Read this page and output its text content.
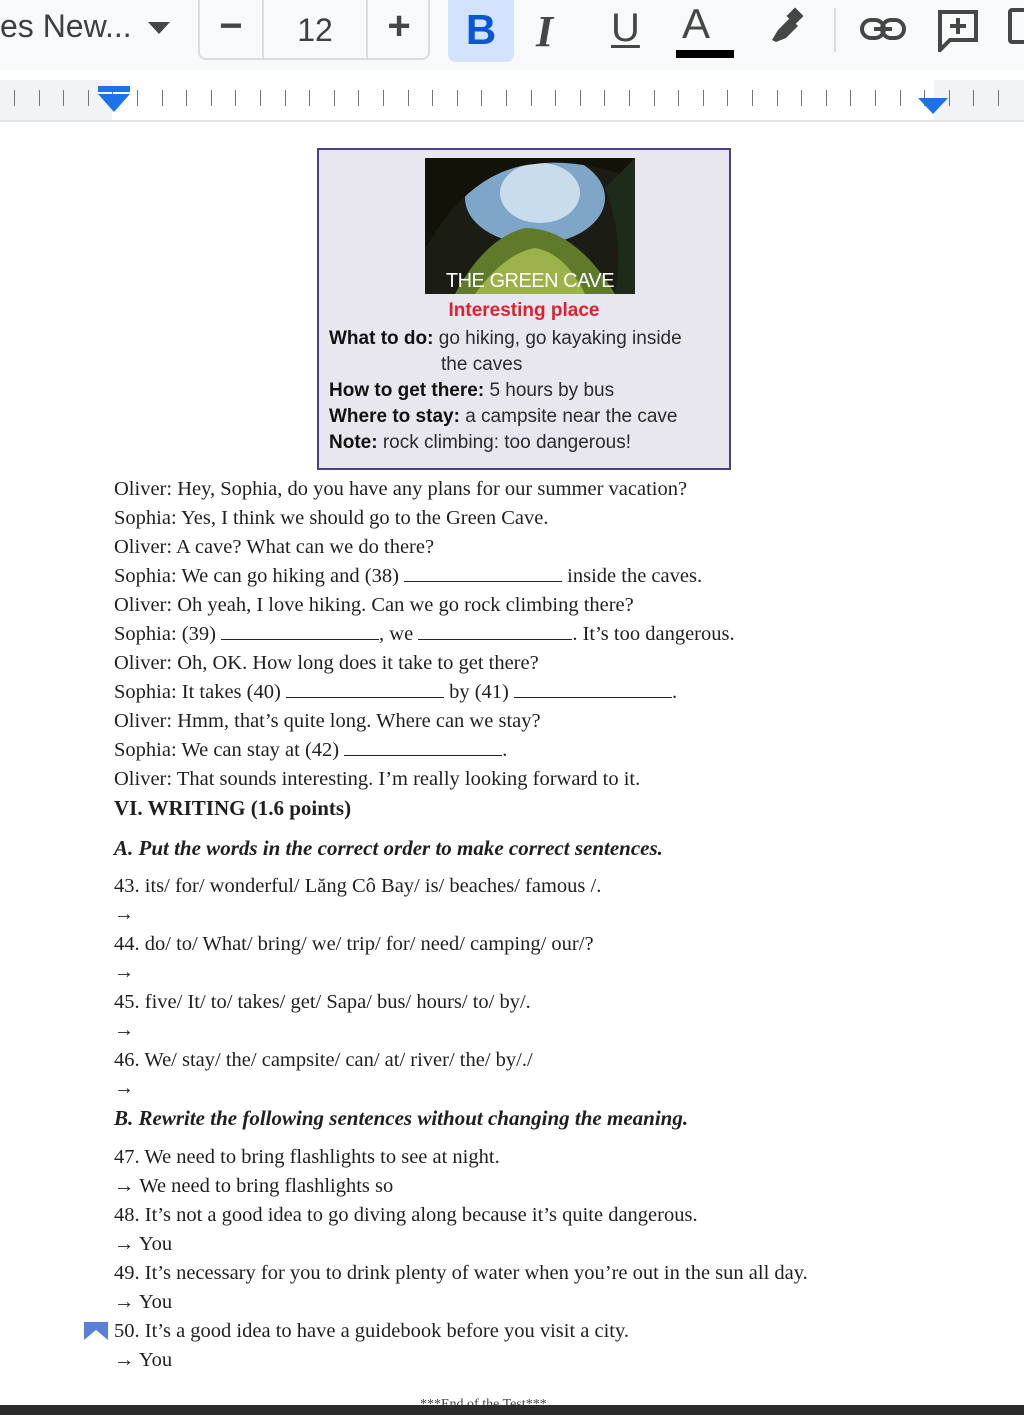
es New... −	12	+	B I U A
THE GREEN CAVE
Interesting place
What to do: go hiking, go kayaking inside
the caves
How to get there: 5 hours by bus
Where to stay: a campsite near the cave
Note: rock climbing: too dangerous!
Oliver: Hey, Sophia, do you have any plans for our summer vacation?
Sophia: Yes, I think we should go to the Green Cave.
Oliver: A cave? What can we do there?
Sophia: We can go hiking and (38)	inside the caves.
Oliver: Oh yeah, I love hiking. Can we go rock climbing there?
Sophia: (39)	, we	. It’s too dangerous.
Oliver: Oh, OK. How long does it take to get there?
Sophia: It takes (40)	by (41)	.
Oliver: Hmm, that’s quite long. Where can we stay?
Sophia: We can stay at (42)	.
Oliver: That sounds interesting. I’m really looking forward to it.
VI. WRITING (1.6 points)
A. Put the words in the correct order to make correct sentences.
43. its/ for/ wonderful/ Lăng Cô Bay/ is/ beaches/ famous /.
→
44. do/ to/ What/ bring/ we/ trip/ for/ need/ camping/ our/?
→
45. five/ It/ to/ takes/ get/ Sapa/ bus/ hours/ to/ by/.
→
46. We/ stay/ the/ campsite/ can/ at/ river/ the/ by/./
→
B. Rewrite the following sentences without changing the meaning.
47. We need to bring flashlights to see at night.
→ We need to bring flashlights so
48. It’s not a good idea to go diving along because it’s quite dangerous.
→ You
49. It’s necessary for you to drink plenty of water when you’re out in the sun all day.
→ You
50. It’s a good idea to have a guidebook before you visit a city.
→ You
